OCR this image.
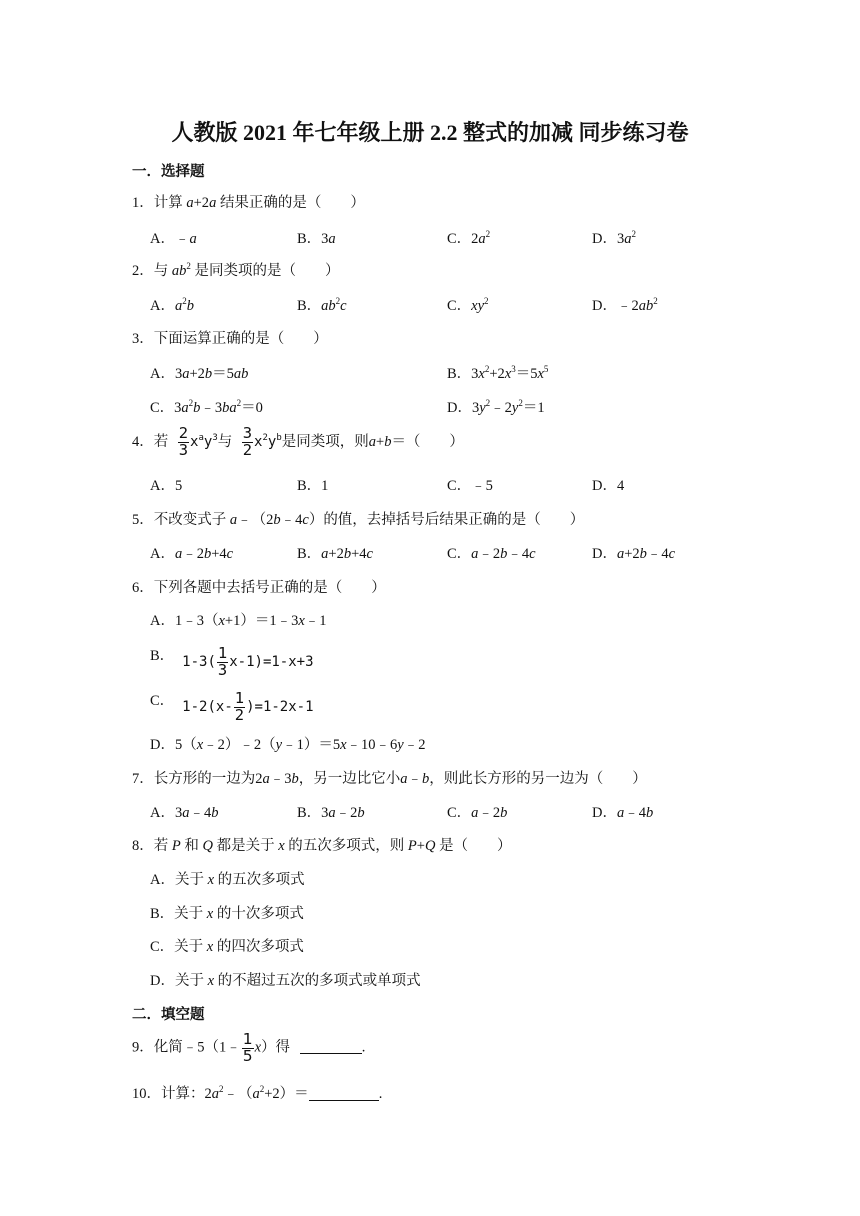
人教版 2021 年七年级上册 2.2 整式的加减 同步练习卷
一．选择题
1．计算 a+2a 结果正确的是（　　）
A．﹣a	B．3a	C．$2a^2$	D．$3a^2$
2．与 $ab^2$ 是同类项的是（　　）
A．$a^2b$	B．$ab^2c$	C．$xy^2$	D．$﹣2ab^2$
3．下面运算正确的是（　　）
A．3a+2b＝5ab	B．$3x^2+2x^3=5x^5$
C．$3a^2b﹣3ba^2=0$	D．$3y^2﹣2y^2=1$
4．若 $\frac{2}{3} x^ay^3$与 $\frac{3}{2} x^2y^b$是同类项，则a+b＝（　　）
A．5	B．1	C．﹣5	D．4
5．不改变式子 a﹣（2b﹣4c）的值，去掉括号后结果正确的是（　　）
A．a﹣2b+4c	B．a+2b+4c	C．a﹣2b﹣4c	D．a+2b﹣4c
6．下列各题中去括号正确的是（　　）
A．1﹣3（x+1）＝1﹣3x﹣1
B． $1-3( \frac{1}{3} x-1)=1-x+3$
C． $1-2(x- \frac{1}{2} )=1-2x-1$
D．5（x﹣2）﹣2（y﹣1）＝5x﹣10﹣6y﹣2
7．长方形的一边为2a﹣3b，另一边比它小a﹣b，则此长方形的另一边为（　　）
A．3a﹣4b	B．3a﹣2b	C．a﹣2b	D．a﹣4b
8．若 P 和 Q 都是关于 x 的五次多项式，则 P+Q 是（　　）
A．关于 x 的五次多项式
B．关于 x 的十次多项式
C．关于 x 的四次多项式
D．关于 x 的不超过五次的多项式或单项式
二．填空题
9．化简﹣5（1﹣ $\frac{1}{5} x$）得	.
10．计算：$2a^2﹣(a^2+2)=$	.
